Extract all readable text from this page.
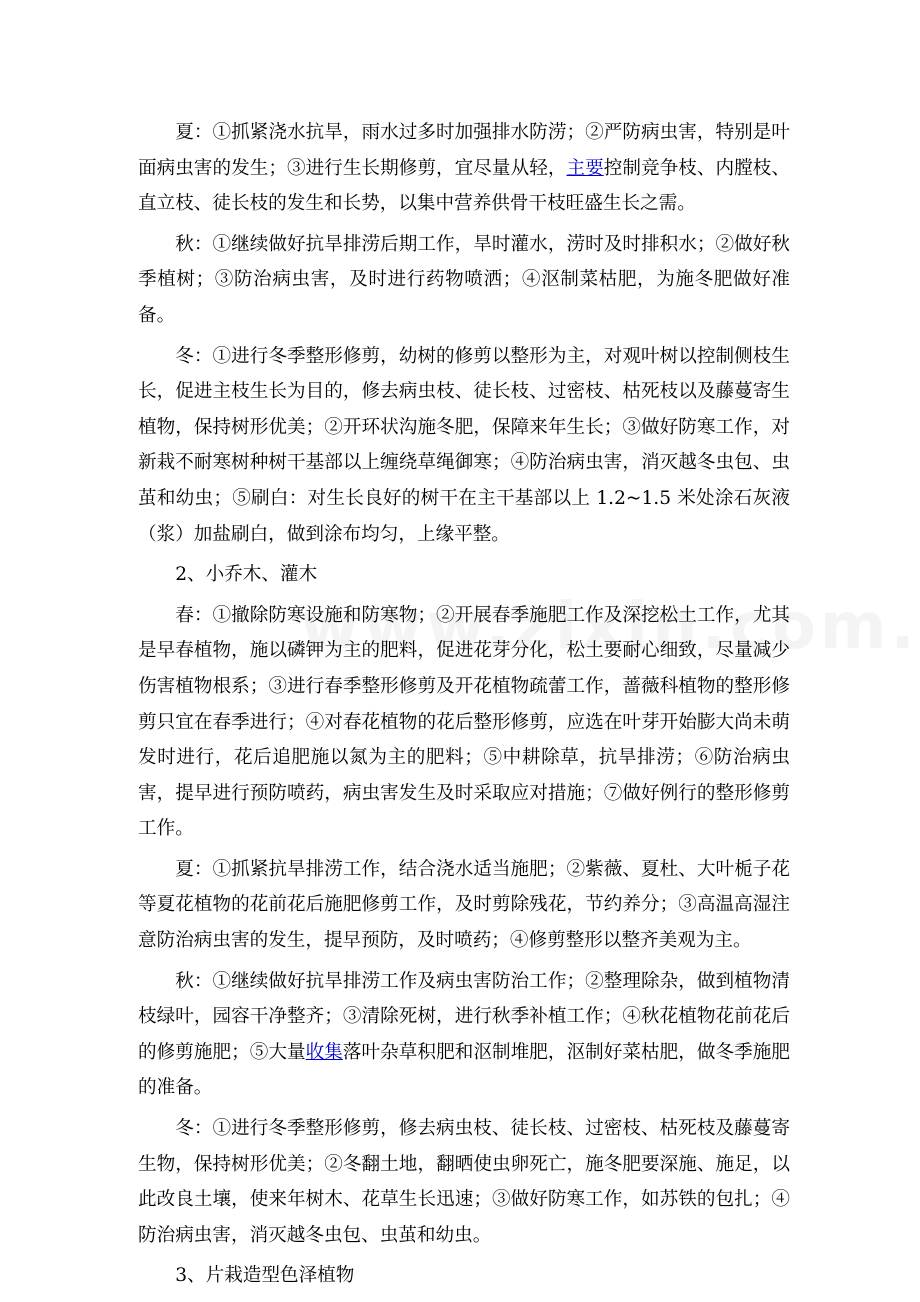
夏：①抓紧浇水抗旱，雨水过多时加强排水防涝；②严防病虫害，特别是叶面病虫害的发生；③进行生长期修剪，宜尽量从轻，主要控制竞争枝、内膛枝、直立枝、徒长枝的发生和长势，以集中营养供骨干枝旺盛生长之需。

秋：①继续做好抗旱排涝后期工作，旱时灌水，涝时及时排积水；②做好秋季植树；③防治病虫害，及时进行药物喷洒；④沤制菜枯肥，为施冬肥做好准备。

冬：①进行冬季整形修剪，幼树的修剪以整形为主，对观叶树以控制侧枝生长，促进主枝生长为目的，修去病虫枝、徒长枝、过密枝、枯死枝以及藤蔓寄生植物，保持树形优美；②开环状沟施冬肥，保障来年生长；③做好防寒工作，对新栽不耐寒树种树干基部以上缠绕草绳御寒；④防治病虫害，消灭越冬虫包、虫茧和幼虫；⑤刷白：对生长良好的树干在主干基部以上 1.2~1.5 米处涂石灰液（浆）加盐刷白，做到涂布均匀，上缘平整。

2、小乔木、灌木

春：①撤除防寒设施和防寒物；②开展春季施肥工作及深挖松土工作，尤其是早春植物，施以磷钾为主的肥料，促进花芽分化，松土要耐心细致，尽量减少伤害植物根系；③进行春季整形修剪及开花植物疏蕾工作，蔷薇科植物的整形修剪只宜在春季进行；④对春花植物的花后整形修剪，应选在叶芽开始膨大尚未萌发时进行，花后追肥施以氮为主的肥料；⑤中耕除草，抗旱排涝；⑥防治病虫害，提早进行预防喷药，病虫害发生及时采取应对措施；⑦做好例行的整形修剪工作。

夏：①抓紧抗旱排涝工作，结合浇水适当施肥；②紫薇、夏杜、大叶栀子花等夏花植物的花前花后施肥修剪工作，及时剪除残花，节约养分；③高温高湿注意防治病虫害的发生，提早预防，及时喷药；④修剪整形以整齐美观为主。

秋：①继续做好抗旱排涝工作及病虫害防治工作；②整理除杂，做到植物清枝绿叶，园容干净整齐；③清除死树，进行秋季补植工作；④秋花植物花前花后的修剪施肥；⑤大量收集落叶杂草积肥和沤制堆肥，沤制好菜枯肥，做冬季施肥的准备。

冬：①进行冬季整形修剪，修去病虫枝、徒长枝、过密枝、枯死枝及藤蔓寄生物，保持树形优美；②冬翻土地，翻晒使虫卵死亡，施冬肥要深施、施足，以此改良土壤，使来年树木、花草生长迅速；③做好防寒工作，如苏铁的包扎；④防治病虫害，消灭越冬虫包、虫茧和幼虫。

3、片栽造型色泽植物
